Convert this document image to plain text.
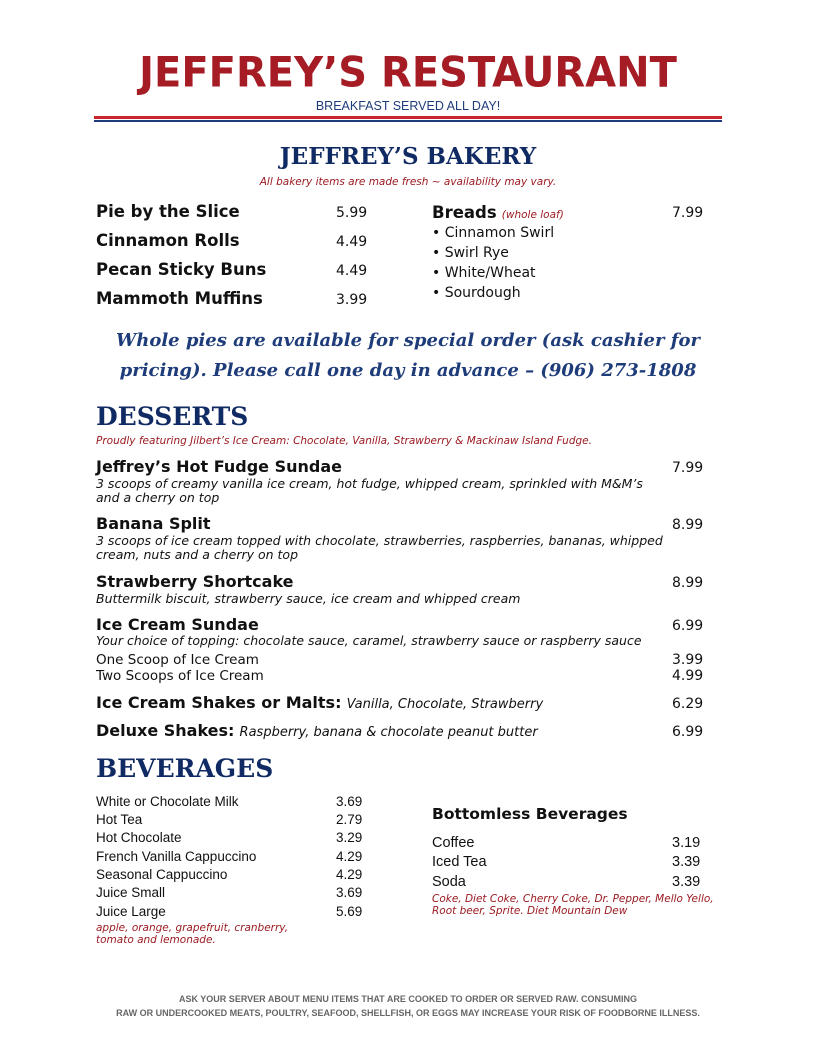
JEFFREY’S RESTAURANT
BREAKFAST SERVED ALL DAY!
JEFFREY’S BAKERY
All bakery items are made fresh ~ availability may vary.
Pie by the Slice	5.99
Cinnamon Rolls	4.49
Pecan Sticky Buns	4.49
Mammoth Muffins	3.99
Breads (whole loaf)	7.99
• Cinnamon Swirl
• Swirl Rye
• White/Wheat
• Sourdough
Whole pies are available for special order (ask cashier for
pricing). Please call one day in advance – (906) 273-1808
DESSERTS
Proudly featuring Jilbert’s Ice Cream: Chocolate, Vanilla, Strawberry & Mackinaw Island Fudge.
Jeffrey’s Hot Fudge Sundae	7.99
3 scoops of creamy vanilla ice cream, hot fudge, whipped cream, sprinkled with M&M’s
and a cherry on top
Banana Split	8.99
3 scoops of ice cream topped with chocolate, strawberries, raspberries, bananas, whipped
cream, nuts and a cherry on top
Strawberry Shortcake	8.99
Buttermilk biscuit, strawberry sauce, ice cream and whipped cream
Ice Cream Sundae	6.99
Your choice of topping: chocolate sauce, caramel, strawberry sauce or raspberry sauce
One Scoop of Ice Cream	3.99
Two Scoops of Ice Cream	4.99
Ice Cream Shakes or Malts: Vanilla, Chocolate, Strawberry	6.29
Deluxe Shakes: Raspberry, banana & chocolate peanut butter	6.99
BEVERAGES
White or Chocolate Milk	3.69
Hot Tea	2.79
Hot Chocolate	3.29
French Vanilla Cappuccino	4.29
Seasonal Cappuccino	4.29
Juice Small	3.69
Juice Large	5.69
apple, orange, grapefruit, cranberry,
tomato and lemonade.
Bottomless Beverages
Coffee	3.19
Iced Tea	3.39
Soda	3.39
Coke, Diet Coke, Cherry Coke, Dr. Pepper, Mello Yello,
Root beer, Sprite. Diet Mountain Dew
ASK YOUR SERVER ABOUT MENU ITEMS THAT ARE COOKED TO ORDER OR SERVED RAW. CONSUMING
RAW OR UNDERCOOKED MEATS, POULTRY, SEAFOOD, SHELLFISH, OR EGGS MAY INCREASE YOUR RISK OF FOODBORNE ILLNESS.
